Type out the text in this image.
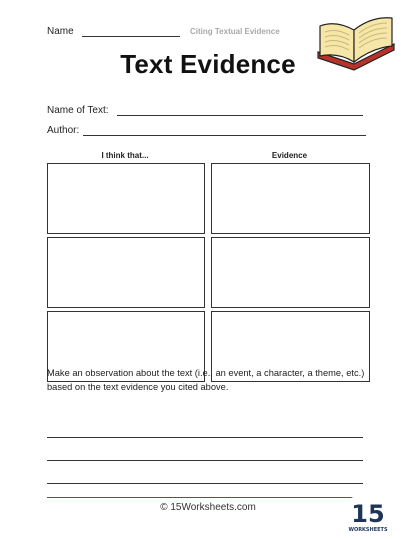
Name	Citing Textual Evidence
Text Evidence
Name of Text:
Author:
I think that...	Evidence
Make an observation about the text (i.e., an event, a character, a theme, etc.) based on the text evidence you cited above.
© 15Worksheets.com	15
WORKSHEETS
